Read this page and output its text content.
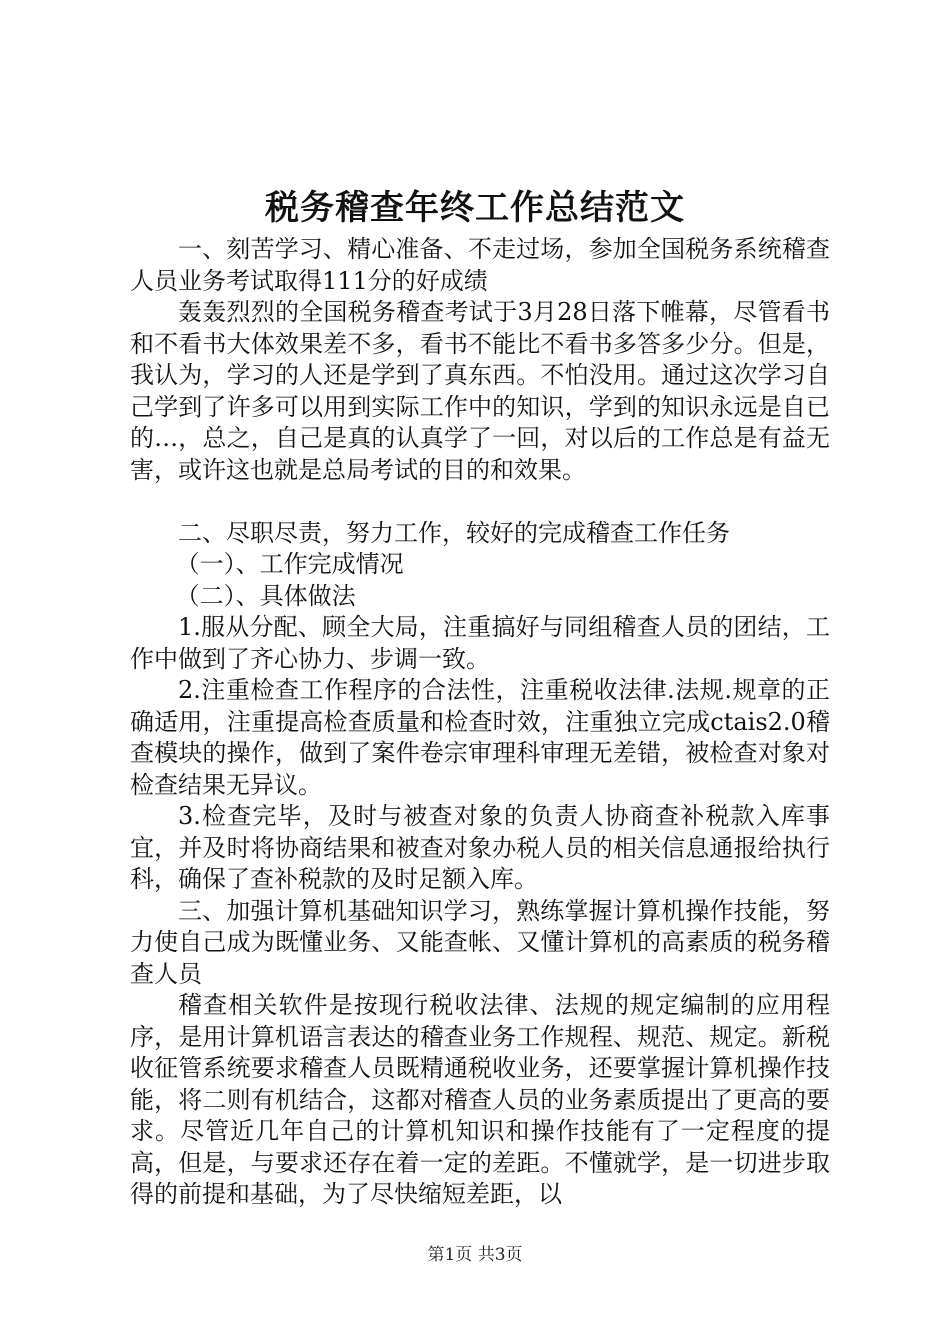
税务稽查年终工作总结范文

一、刻苦学习、精心准备、不走过场，参加全国税务系统稽查人员业务考试取得111分的好成绩

轰轰烈烈的全国税务稽查考试于3月28日落下帷幕，尽管看书和不看书大体效果差不多，看书不能比不看书多答多少分。但是，我认为，学习的人还是学到了真东西。不怕没用。通过这次学习自己学到了许多可以用到实际工作中的知识，学到的知识永远是自已的…，总之，自己是真的认真学了一回，对以后的工作总是有益无害，或许这也就是总局考试的目的和效果。

二、尽职尽责，努力工作，较好的完成稽查工作任务

（一）、工作完成情况

（二）、具体做法

1.服从分配、顾全大局，注重搞好与同组稽查人员的团结，工作中做到了齐心协力、步调一致。

2.注重检查工作程序的合法性，注重税收法律.法规.规章的正确适用，注重提高检查质量和检查时效，注重独立完成ctais2.0稽查模块的操作，做到了案件卷宗审理科审理无差错，被检查对象对检查结果无异议。

3.检查完毕，及时与被查对象的负责人协商查补税款入库事宜，并及时将协商结果和被查对象办税人员的相关信息通报给执行科，确保了查补税款的及时足额入库。

三、加强计算机基础知识学习，熟练掌握计算机操作技能，努力使自己成为既懂业务、又能查帐、又懂计算机的高素质的税务稽查人员

稽查相关软件是按现行税收法律、法规的规定编制的应用程序，是用计算机语言表达的稽查业务工作规程、规范、规定。新税收征管系统要求稽查人员既精通税收业务，还要掌握计算机操作技能，将二则有机结合，这都对稽查人员的业务素质提出了更高的要求。尽管近几年自己的计算机知识和操作技能有了一定程度的提高，但是，与要求还存在着一定的差距。不懂就学，是一切进步取得的前提和基础，为了尽快缩短差距，以

第1页 共3页
